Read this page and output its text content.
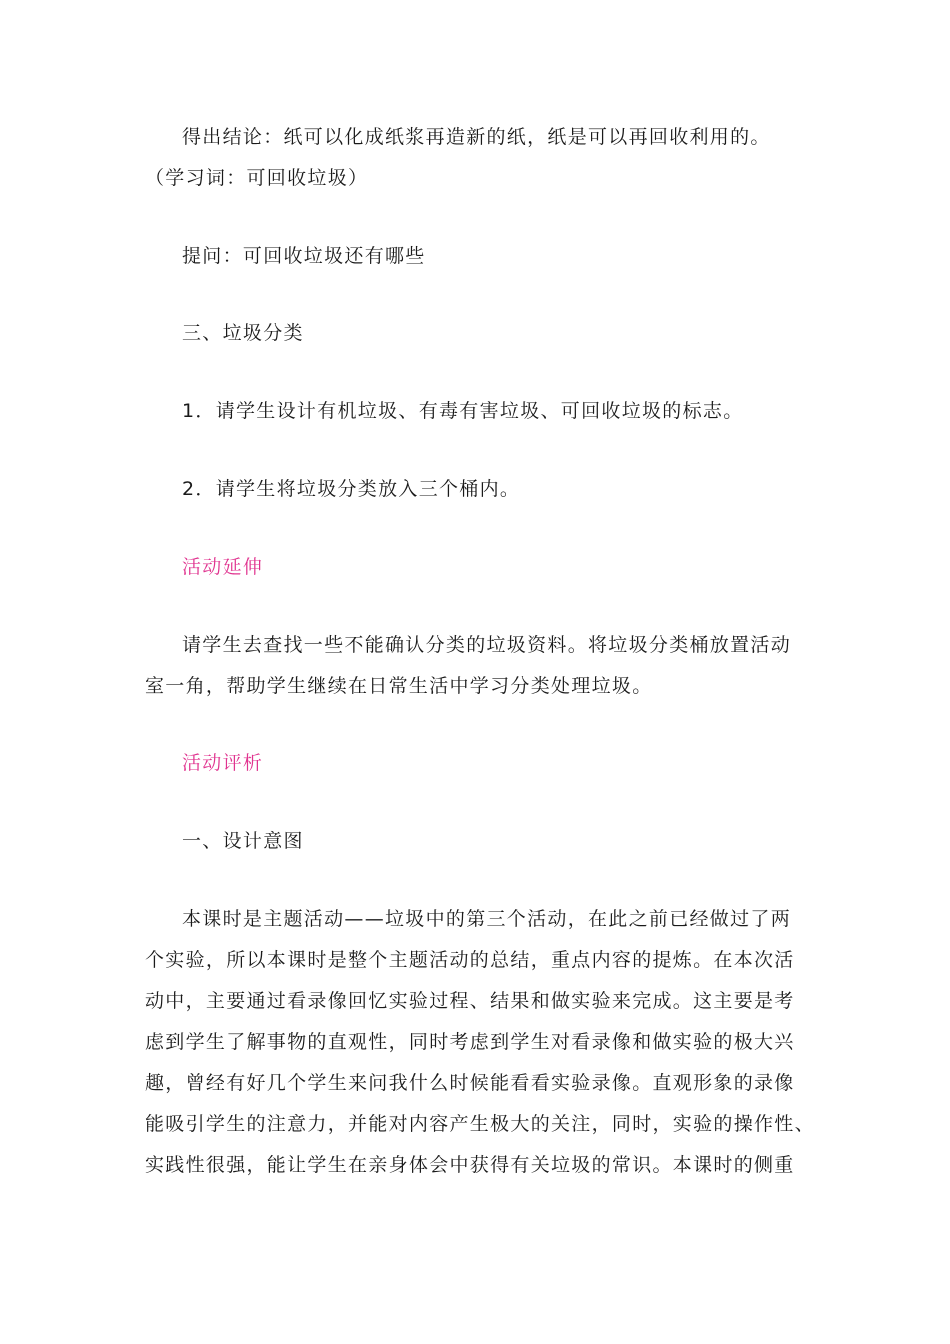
得出结论：纸可以化成纸浆再造新的纸，纸是可以再回收利用的。
（学习词：可回收垃圾）
提问：可回收垃圾还有哪些
三、垃圾分类
1．请学生设计有机垃圾、有毒有害垃圾、可回收垃圾的标志。
2．请学生将垃圾分类放入三个桶内。
活动延伸
请学生去查找一些不能确认分类的垃圾资料。将垃圾分类桶放置活动
室一角，帮助学生继续在日常生活中学习分类处理垃圾。
活动评析
一、设计意图
本课时是主题活动——垃圾中的第三个活动，在此之前已经做过了两
个实验，所以本课时是整个主题活动的总结，重点内容的提炼。在本次活
动中，主要通过看录像回忆实验过程、结果和做实验来完成。这主要是考
虑到学生了解事物的直观性，同时考虑到学生对看录像和做实验的极大兴
趣，曾经有好几个学生来问我什么时候能看看实验录像。直观形象的录像
能吸引学生的注意力，并能对内容产生极大的关注，同时，实验的操作性、
实践性很强，能让学生在亲身体会中获得有关垃圾的常识。本课时的侧重
